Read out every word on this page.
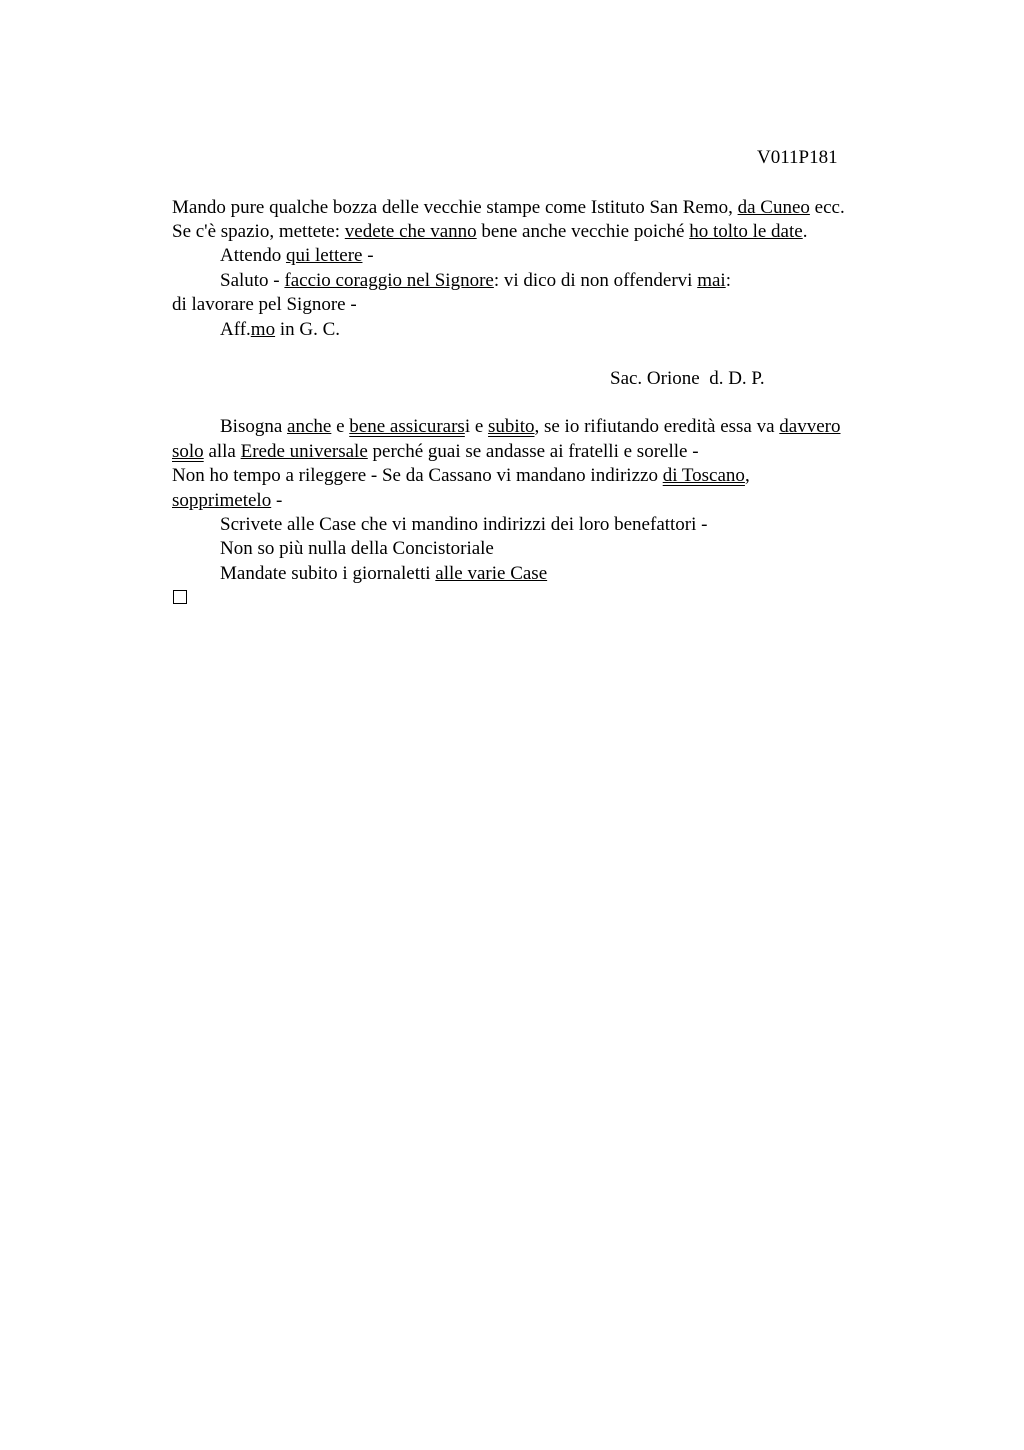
V011P181
Mando pure qualche bozza delle vecchie stampe come Istituto San Remo, da Cuneo ecc.
Se c'è spazio, mettete: vedete che vanno bene anche vecchie poiché ho tolto le date.
Attendo qui lettere -
Saluto - faccio coraggio nel Signore: vi dico di non offendervi mai:
di lavorare pel Signore -
Aff.mo in G. C.
Sac. Orione  d. D. P.
Bisogna anche e bene assicurarsi e subito, se io rifiutando eredità essa va davvero
solo alla Erede universale perché guai se andasse ai fratelli e sorelle -
Non ho tempo a rileggere - Se da Cassano vi mandano indirizzo di Toscano,
sopprimetelo -
Scrivete alle Case che vi mandino indirizzi dei loro benefattori -
Non so più nulla della Concistoriale
Mandate subito i giornaletti alle varie Case
